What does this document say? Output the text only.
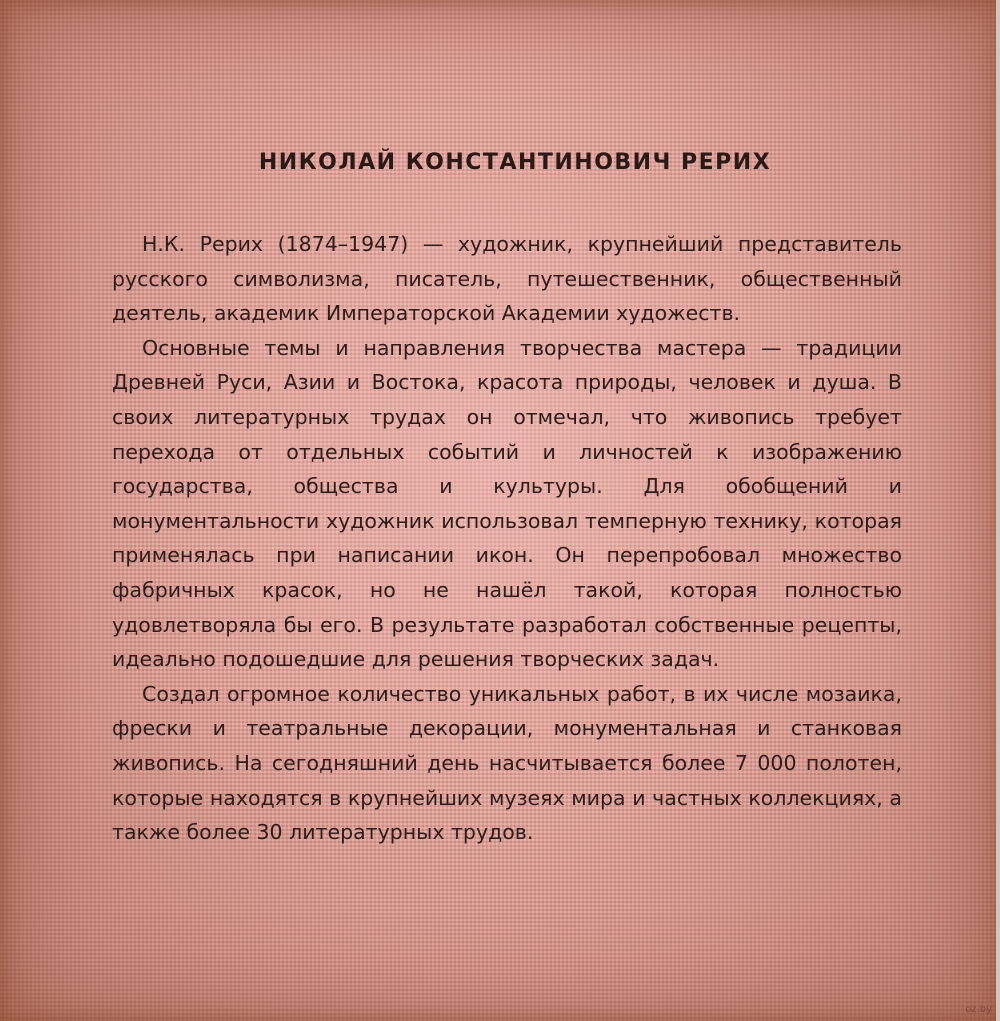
НИКОЛАЙ КОНСТАНТИНОВИЧ РЕРИХ

Н.К. Рерих (1874–1947) — художник, крупнейший представитель русского символизма, писатель, путешественник, общественный деятель, академик Императорской Академии художеств.

Основные темы и направления творчества мастера — традиции Древней Руси, Азии и Востока, красота природы, человек и душа. В своих литературных трудах он отмечал, что живопись требует перехода от отдельных событий и личностей к изображению государства, общества и культуры. Для обобщений и монументальности художник использовал темперную технику, которая применялась при написании икон. Он перепробовал множество фабричных красок, но не нашёл такой, которая полностью удовлетворяла бы его. В результате разработал собственные рецепты, идеально подошедшие для решения творческих задач.

Создал огромное количество уникальных работ, в их числе мозаика, фрески и театральные декорации, монументальная и станковая живопись. На сегодняшний день насчитывается более 7 000 полотен, которые находятся в крупнейших музеях мира и частных коллекциях, а также более 30 литературных трудов.

oz.by
